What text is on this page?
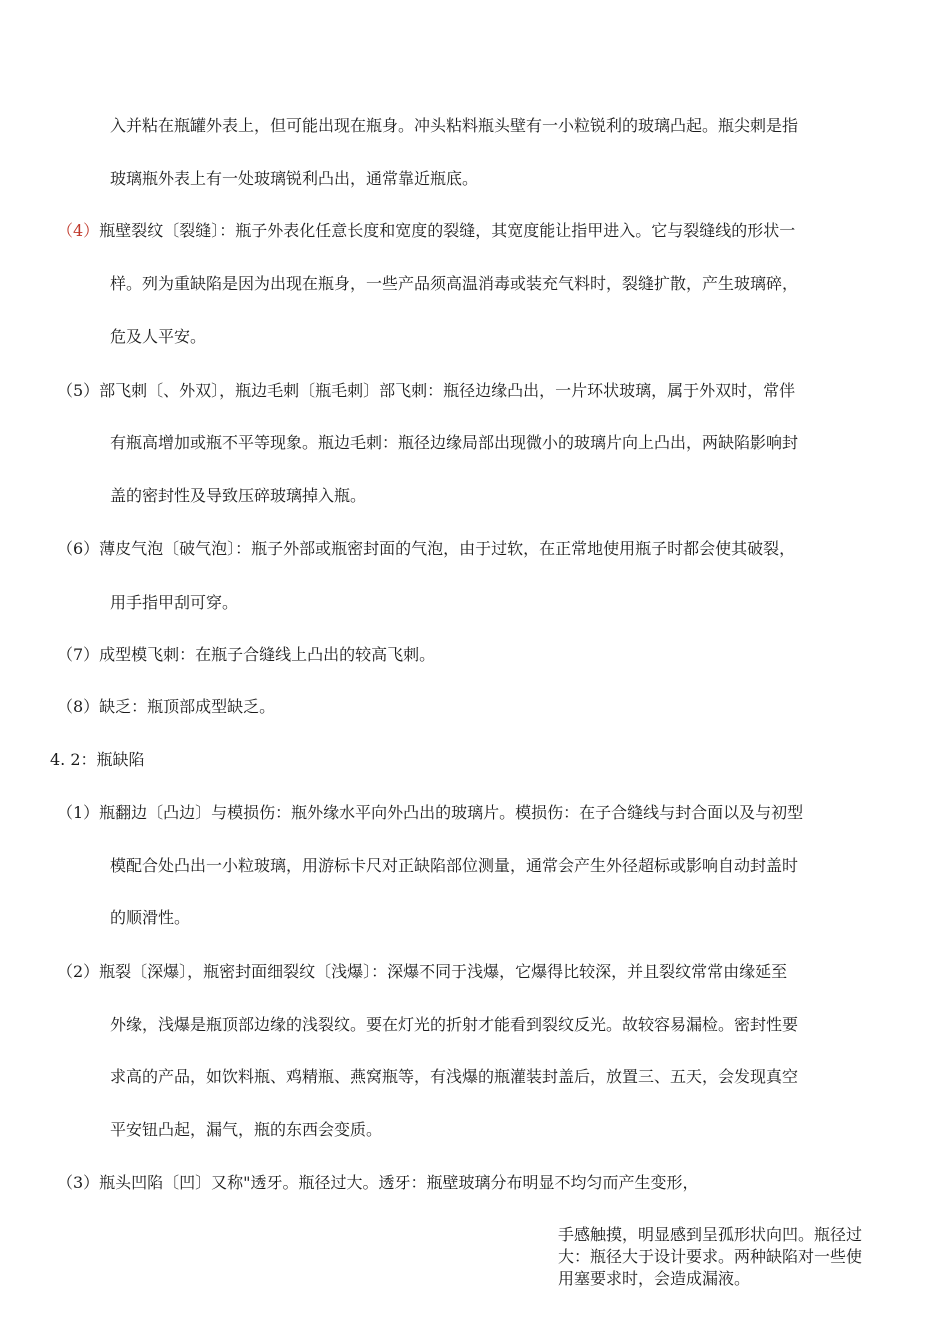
入并粘在瓶罐外表上，但可能出现在瓶身。冲头粘料瓶头壁有一小粒锐利的玻璃凸起。瓶尖刺是指
玻璃瓶外表上有一处玻璃锐利凸出，通常靠近瓶底。
（4）瓶壁裂纹〔裂缝〕：瓶子外表化任意长度和宽度的裂缝，其宽度能让指甲进入。它与裂缝线的形状一
样。列为重缺陷是因为出现在瓶身，一些产品须高温消毒或装充气料时，裂缝扩散，产生玻璃碎，
危及人平安。
（5）部飞刺〔、外双〕，瓶边毛刺〔瓶毛刺〕部飞刺：瓶径边缘凸出，一片环状玻璃，属于外双时，常伴
有瓶高增加或瓶不平等现象。瓶边毛刺：瓶径边缘局部出现微小的玻璃片向上凸出，两缺陷影响封
盖的密封性及导致压碎玻璃掉入瓶。
（6）薄皮气泡〔破气泡〕：瓶子外部或瓶密封面的气泡，由于过软，在正常地使用瓶子时都会使其破裂，
用手指甲刮可穿。
（7）成型模飞刺：在瓶子合缝线上凸出的较高飞刺。
（8）缺乏：瓶顶部成型缺乏。
4. 2：瓶缺陷
（1）瓶翻边〔凸边〕与模损伤：瓶外缘水平向外凸出的玻璃片。模损伤：在子合缝线与封合面以及与初型
模配合处凸出一小粒玻璃，用游标卡尺对正缺陷部位测量，通常会产生外径超标或影响自动封盖时
的顺滑性。
（2）瓶裂〔深爆〕，瓶密封面细裂纹〔浅爆〕：深爆不同于浅爆，它爆得比较深，并且裂纹常常由缘延至
外缘，浅爆是瓶顶部边缘的浅裂纹。要在灯光的折射才能看到裂纹反光。故较容易漏检。密封性要
求高的产品，如饮料瓶、鸡精瓶、燕窝瓶等，有浅爆的瓶灌装封盖后，放置三、五天，会发现真空
平安钮凸起，漏气，瓶的东西会变质。
（3）瓶头凹陷〔凹〕又称"透牙。瓶径过大。透牙：瓶壁玻璃分布明显不均匀而产生变形，

手感触摸，明显感到呈孤形状向凹。瓶径过

大：瓶径大于设计要求。两种缺陷对一些使

用塞要求时，会造成漏液。
